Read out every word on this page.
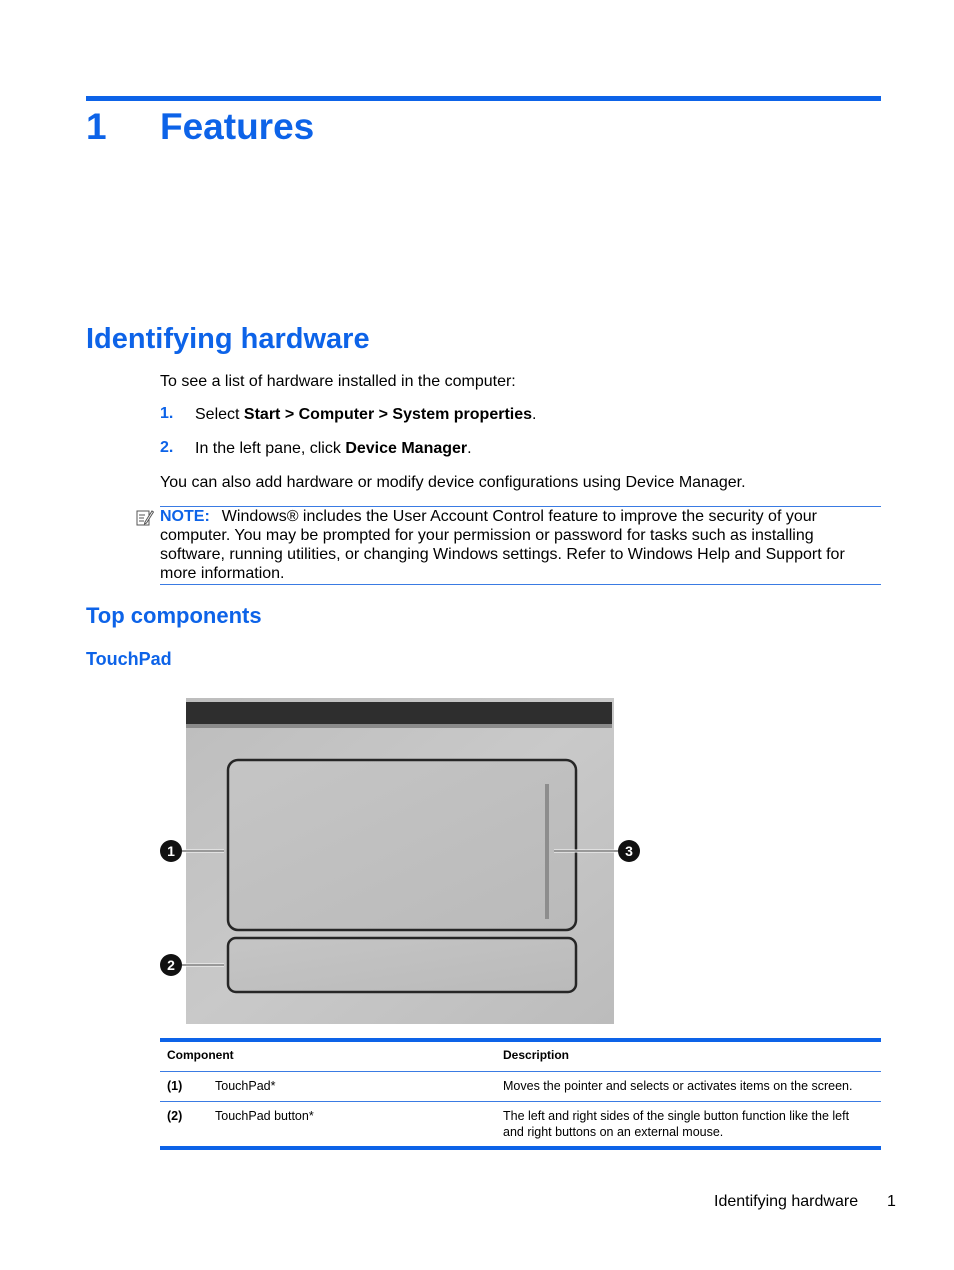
1 Features
Identifying hardware
To see a list of hardware installed in the computer:
1. Select Start > Computer > System properties.
2. In the left pane, click Device Manager.
You can also add hardware or modify device configurations using Device Manager.
NOTE: Windows® includes the User Account Control feature to improve the security of your
computer. You may be prompted for your permission or password for tasks such as installing
software, running utilities, or changing Windows settings. Refer to Windows Help and Support for
more information.
Top components
TouchPad
1
2
3
Component	Description
(1)	TouchPad*	Moves the pointer and selects or activates items on the screen.
(2)	TouchPad button*	The left and right sides of the single button function like the left
and right buttons on an external mouse.
Identifying hardware 1
